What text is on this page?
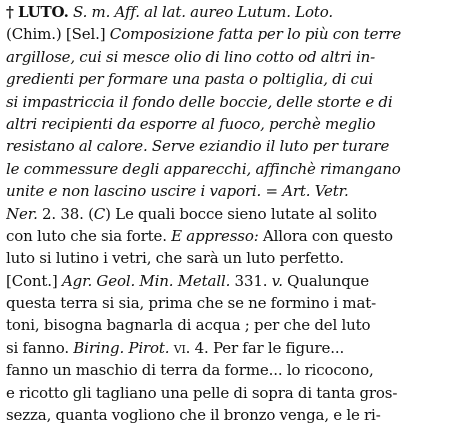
† LUTO. S. m. Aff. al lat. aureo Lutum. Loto.
(Chim.) [Sel.] Composizione fatta per lo più con terre
argillose, cui si mesce olio di lino cotto od altri in-
gredienti per formare una pasta o poltiglia, di cui
si impastriccia il fondo delle boccie, delle storte e di
altri recipienti da esporre al fuoco, perchè meglio
resistano al calore. Serve eziandio il luto per turare
le commessure degli apparecchi, affinchè rimangano
unite e non lascino uscire i vapori. = Art. Vetr.
Ner. 2. 38. (C) Le quali bocce sieno lutate al solito
con luto che sia forte. E appresso: Allora con questo
luto si lutino i vetri, che sarà un luto perfetto.
[Cont.] Agr. Geol. Min. Metall. 331. v. Qualunque
questa terra si sia, prima che se ne formino i mat-
toni, bisogna bagnarla di acqua ; per che del luto
si fanno. Biring. Pirot. vi. 4. Per far le figure...
fanno un maschio di terra da forme... lo ricocono,
e ricotto gli tagliano una pelle di sopra di tanta gros-
sezza, quanta vogliono che il bronzo venga, e le ri-
